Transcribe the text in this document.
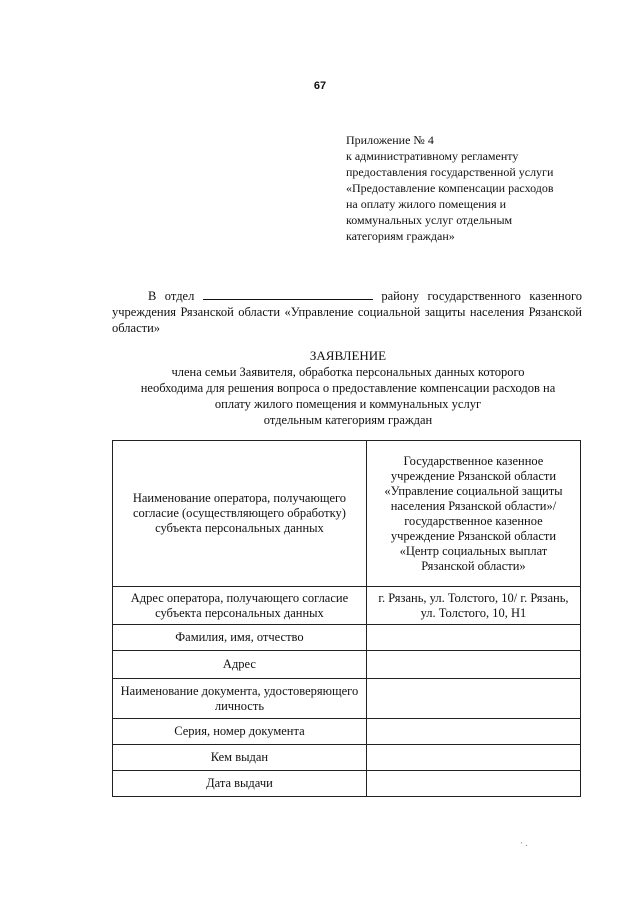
67
Приложение № 4
к административному регламенту
предоставления государственной услуги
«Предоставление компенсации расходов
на оплату жилого помещения и
коммунальных услуг отдельным
категориям граждан»
В отдел	району государственного казенного учреждения Рязанской области «Управление социальной защиты населения Рязанской области»
ЗАЯВЛЕНИЕ
члена семьи Заявителя, обработка персональных данных которого
необходима для решения вопроса о предоставление компенсации расходов на
оплату жилого помещения и коммунальных услуг
отдельным категориям граждан
Наименование оператора, получающего согласие (осуществляющего обработку) субъекта персональных данных	Государственное казенное учреждение Рязанской области «Управление социальной защиты населения Рязанской области»/ государственное казенное учреждение Рязанской области «Центр социальных выплат Рязанской области»
Адрес оператора, получающего согласие субъекта персональных данных	г. Рязань, ул. Толстого, 10/ г. Рязань, ул. Толстого, 10, Н1
Фамилия, имя, отчество	
Адрес	
Наименование документа, удостоверяющего личность	
Серия, номер документа	
Кем выдан	
Дата выдачи	
· .
